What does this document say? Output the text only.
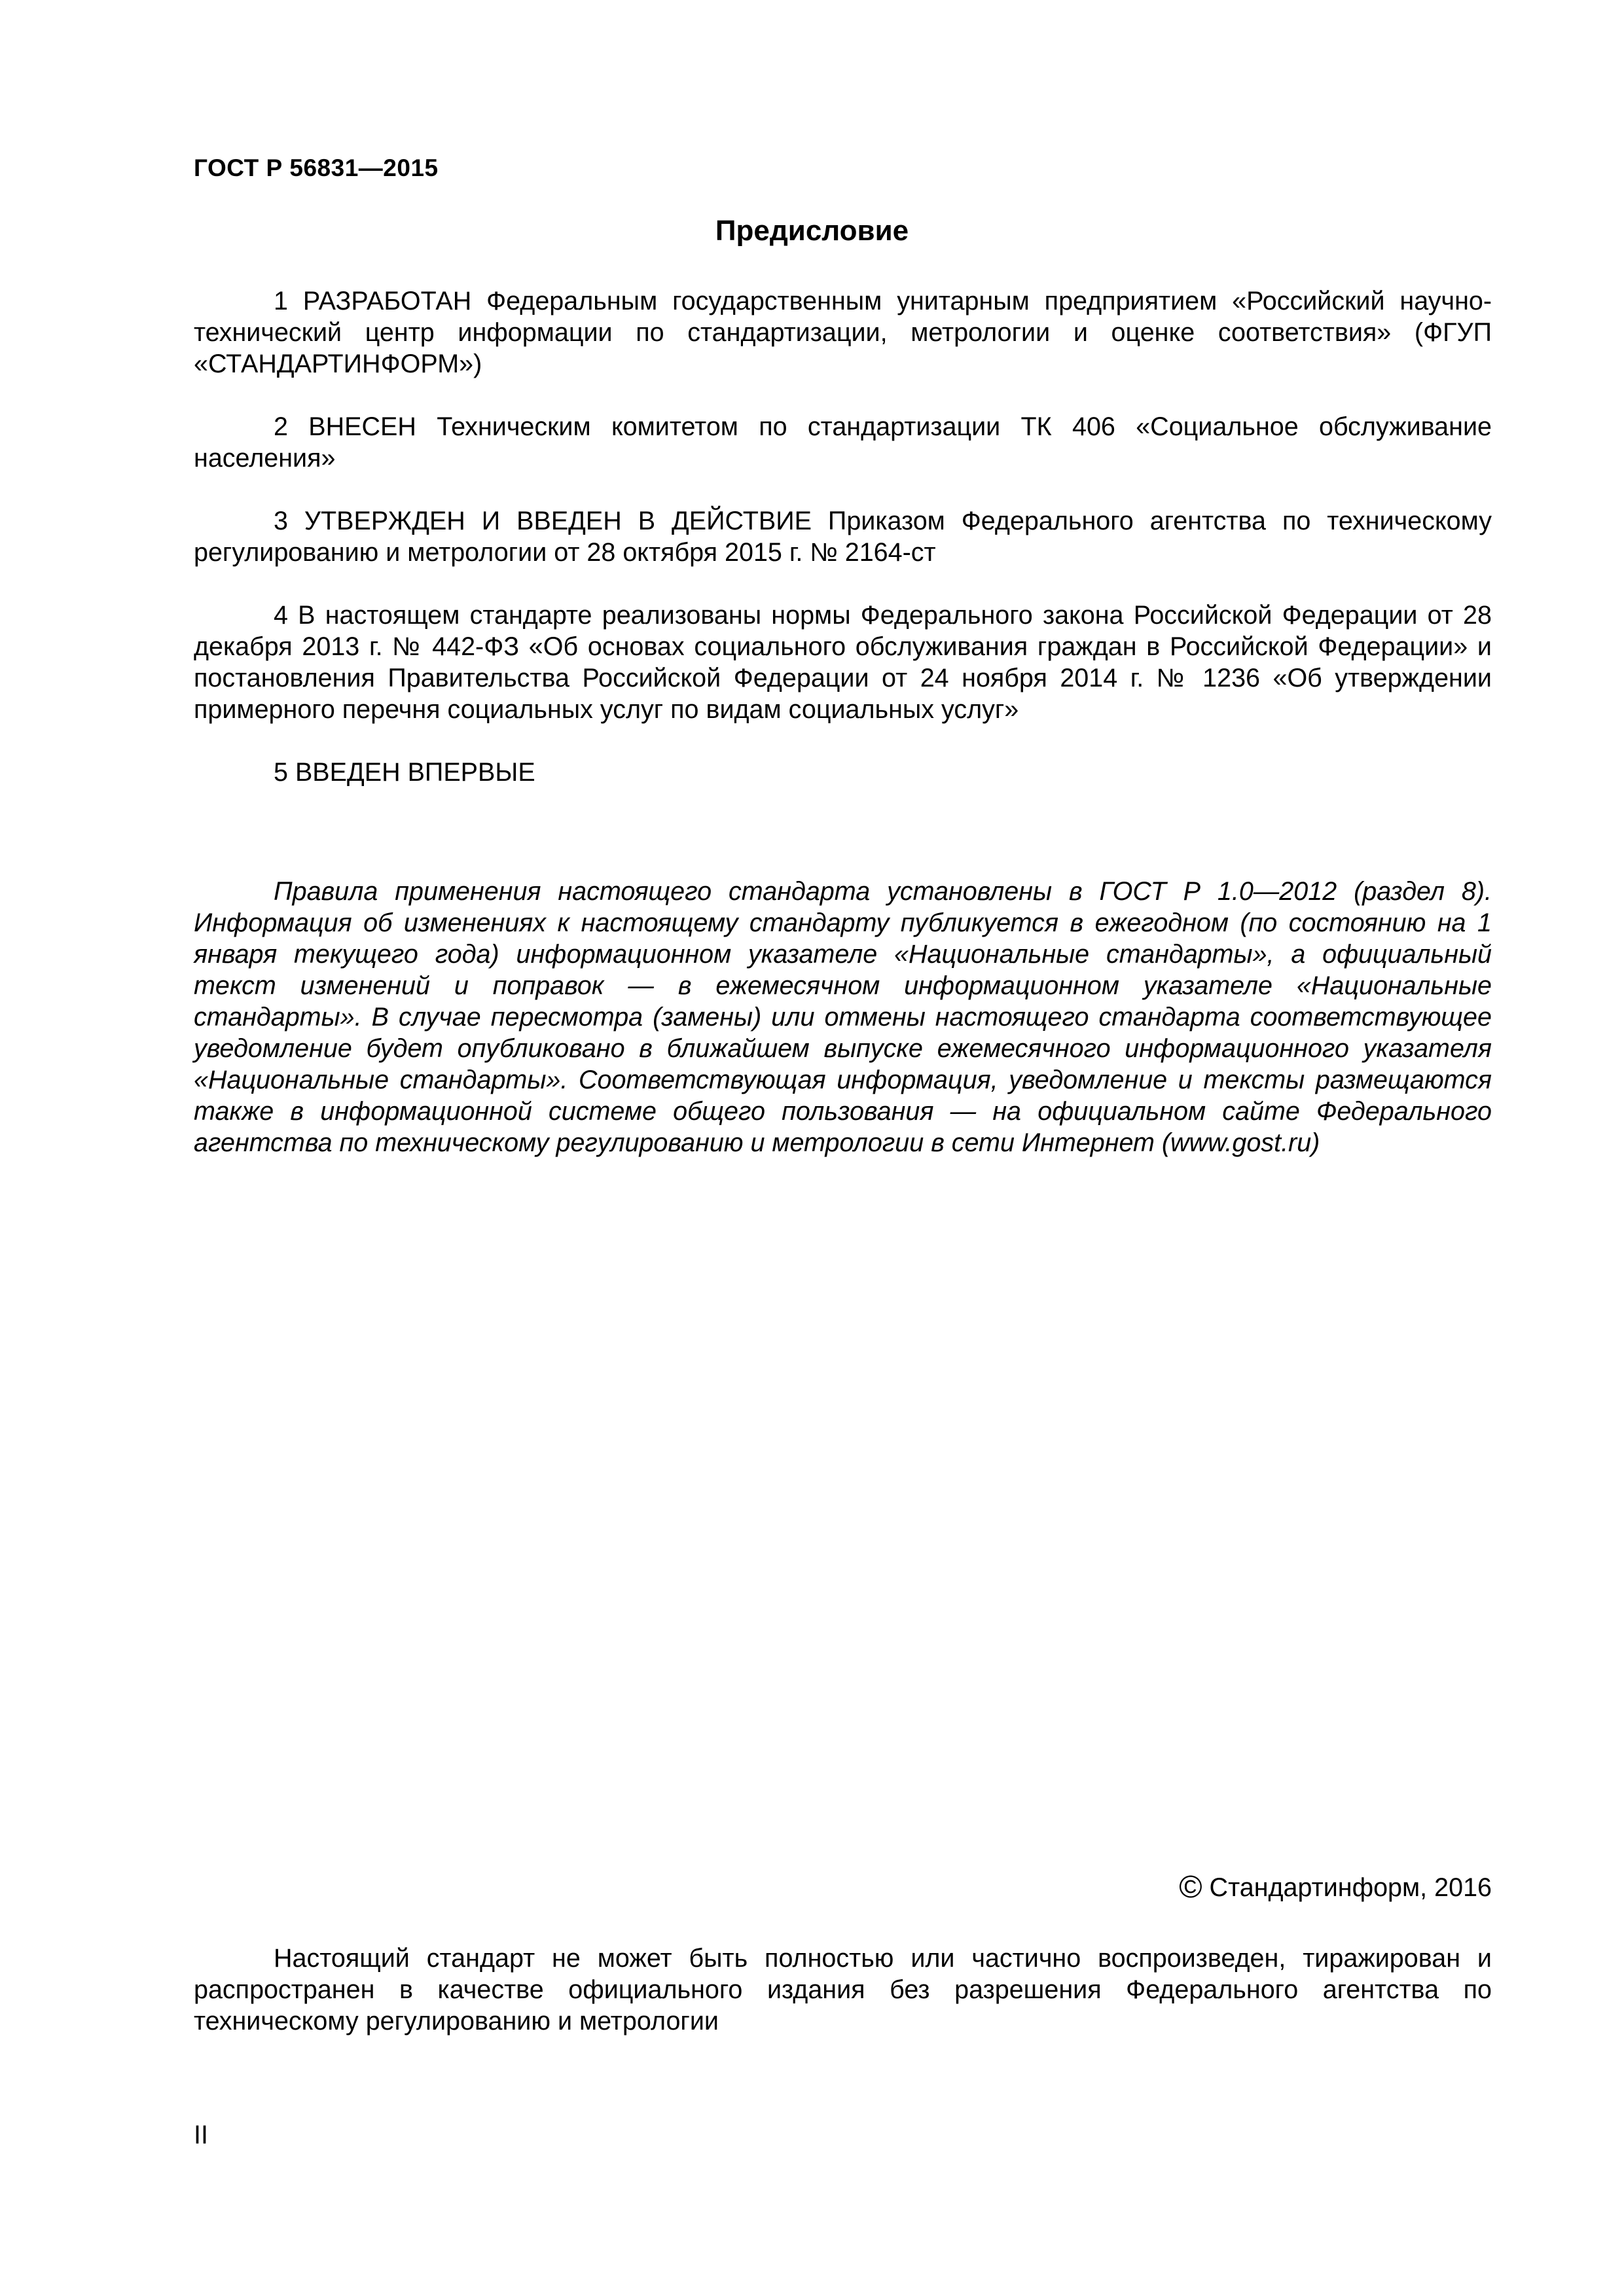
ГОСТ Р 56831—2015
Предисловие

1 РАЗРАБОТАН Федеральным государственным унитарным предприятием «Российский научно-технический центр информации по стандартизации, метрологии и оценке соответствия» (ФГУП «СТАНДАРТИНФОРМ»)

2 ВНЕСЕН Техническим комитетом по стандартизации ТК 406 «Социальное обслуживание населения»

3 УТВЕРЖДЕН И ВВЕДЕН В ДЕЙСТВИЕ Приказом Федерального агентства по техническому регулированию и метрологии от 28 октября 2015 г. № 2164-ст

4 В настоящем стандарте реализованы нормы Федерального закона Российской Федерации от 28 декабря 2013 г. № 442-ФЗ «Об основах социального обслуживания граждан в Российской Федерации» и постановления Правительства Российской Федерации от 24 ноября 2014 г. № 1236 «Об утверждении примерного перечня социальных услуг по видам социальных услуг»

5 ВВЕДЕН ВПЕРВЫЕ

Правила применения настоящего стандарта установлены в ГОСТ Р 1.0—2012 (раздел 8). Информация об изменениях к настоящему стандарту публикуется в ежегодном (по состоянию на 1 января текущего года) информационном указателе «Национальные стандарты», а официальный текст изменений и поправок — в ежемесячном информационном указателе «Национальные стандарты». В случае пересмотра (замены) или отмены настоящего стандарта соответствующее уведомление будет опубликовано в ближайшем выпуске ежемесячного информационного указателя «Национальные стандарты». Соответствующая информация, уведомление и тексты размещаются также в информационной системе общего пользования — на официальном сайте Федерального агентства по техническому регулированию и метрологии в сети Интернет (www.gost.ru)
© Стандартинформ, 2016
Настоящий стандарт не может быть полностью или частично воспроизведен, тиражирован и распространен в качестве официального издания без разрешения Федерального агентства по техническому регулированию и метрологии
II
